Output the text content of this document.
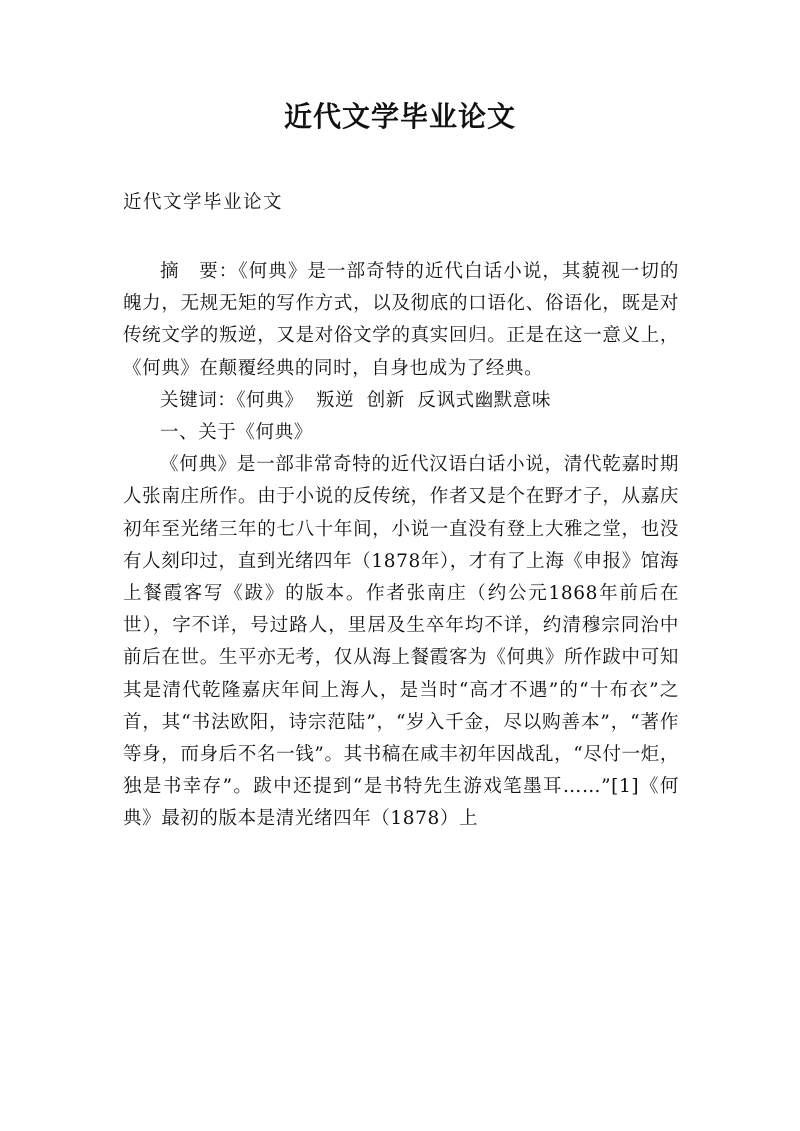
近代文学毕业论文

近代文学毕业论文

摘　要：《何典》是一部奇特的近代白话小说，其藐视一切的魄力，无规无矩的写作方式，以及彻底的口语化、俗语化，既是对传统文学的叛逆，又是对俗文学的真实回归。正是在这一意义上，《何典》在颠覆经典的同时，自身也成为了经典。

关键词：《何典》 叛逆 创新 反讽式幽默意味

一、关于《何典》

《何典》是一部非常奇特的近代汉语白话小说，清代乾嘉时期人张南庄所作。由于小说的反传统，作者又是个在野才子，从嘉庆初年至光绪三年的七八十年间，小说一直没有登上大雅之堂，也没有人刻印过，直到光绪四年（1878年），才有了上海《申报》馆海上餐霞客写《跋》的版本。作者张南庄（约公元1868年前后在世），字不详，号过路人，里居及生卒年均不详，约清穆宗同治中前后在世。生平亦无考，仅从海上餐霞客为《何典》所作跋中可知其是清代乾隆嘉庆年间上海人，是当时“高才不遇”的“十布衣”之首，其“书法欧阳，诗宗范陆”，“岁入千金，尽以购善本”，“著作等身，而身后不名一钱”。其书稿在咸丰初年因战乱，“尽付一炬，独是书幸存”。跋中还提到“是书特先生游戏笔墨耳……”[1]《何典》最初的版本是清光绪四年（1878）上
